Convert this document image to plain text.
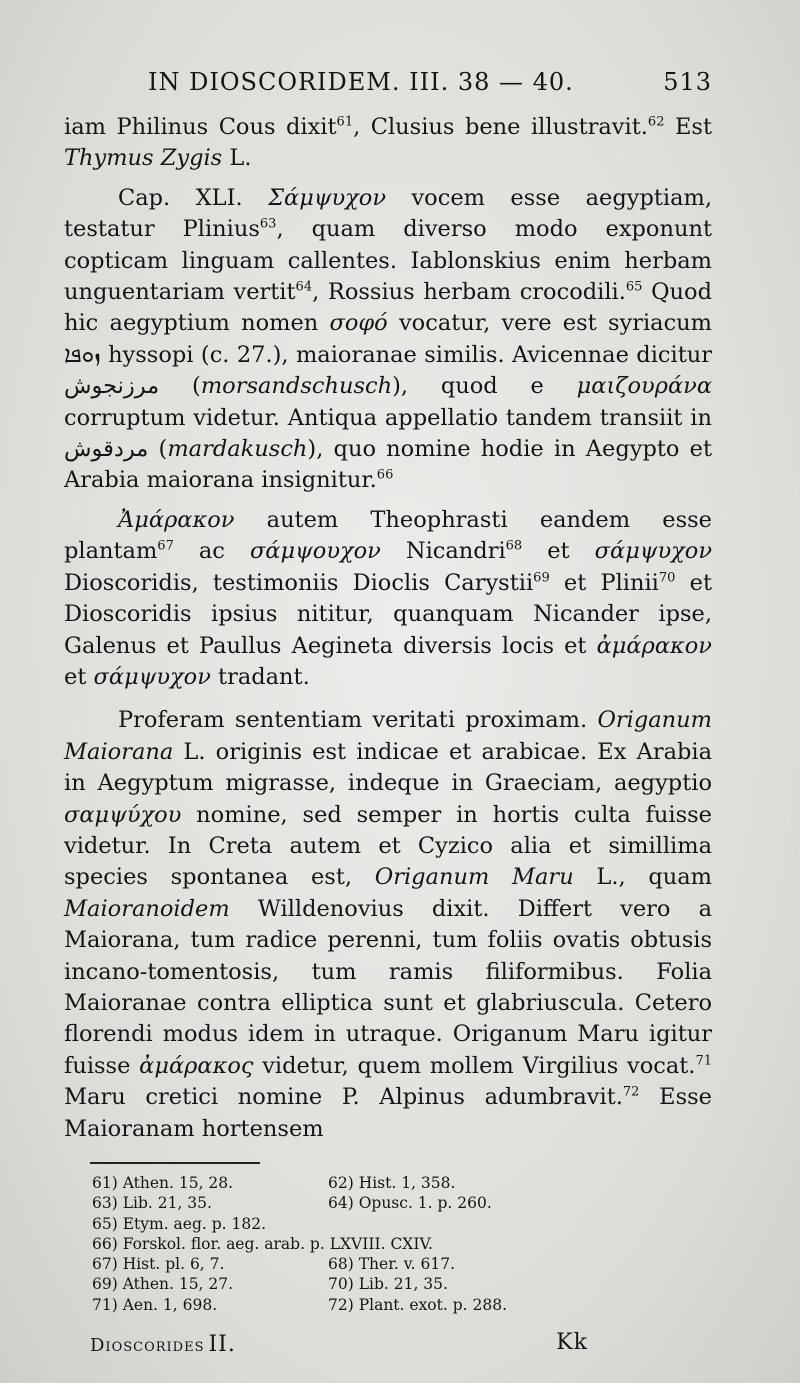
IN DIOSCORIDEM. III. 38 — 40.	513

iam Philinus Cous dixit$^{61}$, Clusius bene illustravit.$^{62}$ Est Thymus Zygis L.

Cap. XLI. Σάμψυχον vocem esse aegyptiam, testatur Plinius$^{63}$, quam diverso modo exponunt copticam linguam callentes. Iablonskius enim herbam unguentariam vertit$^{64}$, Rossius herbam crocodili.$^{65}$ Quod hic aegyptium nomen σοφό vocatur, vere est syriacum ܙܘܦܐ hyssopi (c. 27.), maioranae similis. Avicennae dicitur مرزنجوش (morsandschusch), quod e μαιζουράνα corruptum videtur. Antiqua appellatio tandem transiit in مردقوش (mardakusch), quo nomine hodie in Aegypto et Arabia maiorana insignitur.$^{66}$

Ἀμάρακον autem Theophrasti eandem esse plantam$^{67}$ ac σάμψουχον Nicandri$^{68}$ et σάμψυχον Dioscoridis, testimoniis Dioclis Carystii$^{69}$ et Plinii$^{70}$ et Dioscoridis ipsius nititur, quanquam Nicander ipse, Galenus et Paullus Aegineta diversis locis et ἀμάρακον et σάμψυχον tradant.

Proferam sententiam veritati proximam. Origanum Maiorana L. originis est indicae et arabicae. Ex Arabia in Aegyptum migrasse, indeque in Graeciam, aegyptio σαμψύχου nomine, sed semper in hortis culta fuisse videtur. In Creta autem et Cyzico alia et simillima species spontanea est, Origanum Maru L., quam Maioranoidem Willdenovius dixit. Differt vero a Maiorana, tum radice perenni, tum foliis ovatis obtusis incano-tomentosis, tum ramis filiformibus. Folia Maioranae contra elliptica sunt et glabriuscula. Cetero florendi modus idem in utraque. Origanum Maru igitur fuisse ἀμάρακος videtur, quem mollem Virgilius vocat.$^{71}$ Maru cretici nomine P. Alpinus adumbravit.$^{72}$ Esse Maioranam hortensem

61) Athen. 15, 28.	62) Hist. 1, 358.
63) Lib. 21, 35.	64) Opusc. 1. p. 260.
65) Etym. aeg. p. 182.
66) Forskol. flor. aeg. arab. p. LXVIII. CXIV.
67) Hist. pl. 6, 7.	68) Ther. v. 617.
69) Athen. 15, 27.	70) Lib. 21, 35.
71) Aen. 1, 698.	72) Plant. exot. p. 288.
Dioscorides II.	Kk
